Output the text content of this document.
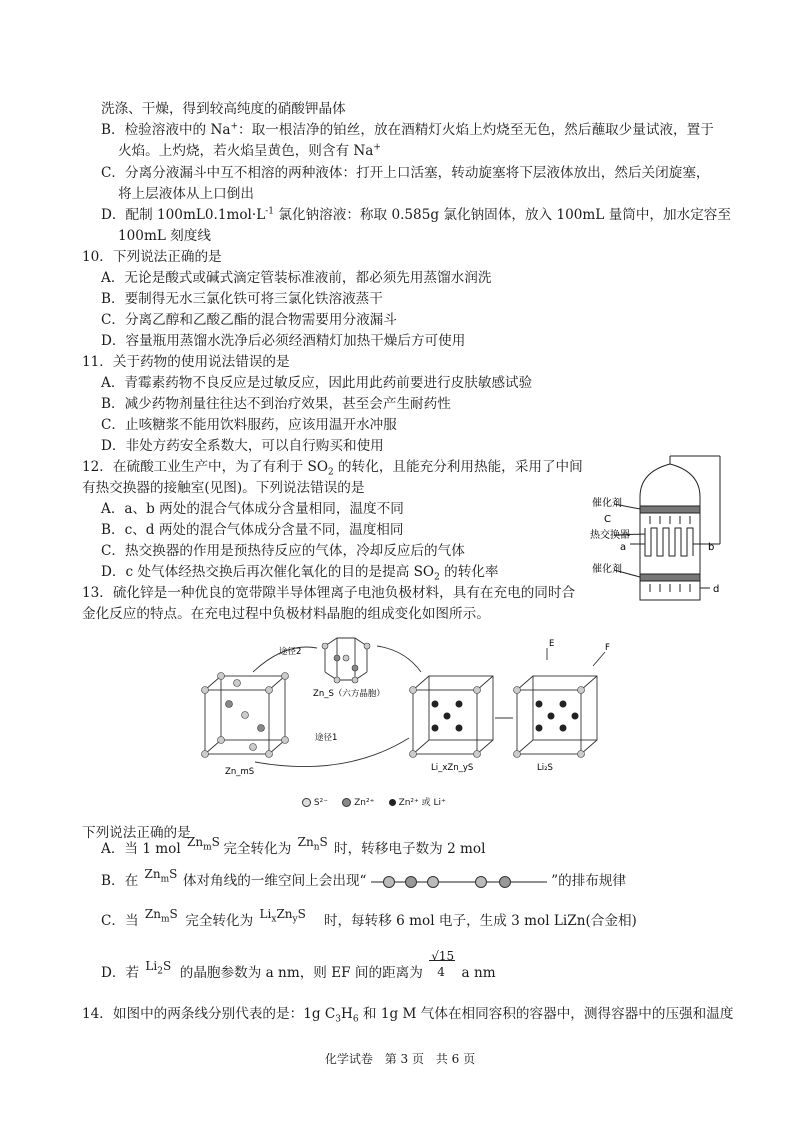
洗涤、干燥，得到较高纯度的硝酸钾晶体
B．检验溶液中的 Na+：取一根洁净的铂丝，放在酒精灯火焰上灼烧至无色，然后蘸取少量试液，置于
火焰。上灼烧，若火焰呈黄色，则含有 Na+
C．分离分液漏斗中互不相溶的两种液体：打开上口活塞，转动旋塞将下层液体放出，然后关闭旋塞，
将上层液体从上口倒出
D．配制 $100mL0.1mol\cdot L^{-1}$ 氯化钠溶液：称取 0.585g 氯化钠固体，放入 100mL 量筒中，加水定容至
100mL 刻度线
10．下列说法正确的是
A．无论是酸式或碱式滴定管装标准液前，都必须先用蒸馏水润洗
B．要制得无水三氯化铁可将三氯化铁溶液蒸干
C．分离乙醇和乙酸乙酯的混合物需要用分液漏斗
D．容量瓶用蒸馏水洗净后必须经酒精灯加热干燥后方可使用
11．关于药物的使用说法错误的是
A．青霉素药物不良反应是过敏反应，因此用此药前要进行皮肤敏感试验
B．减少药物剂量往往达不到治疗效果，甚至会产生耐药性
C．止咳糖浆不能用饮料服药，应该用温开水冲服
D．非处方药安全系数大，可以自行购买和使用
12．在硫酸工业生产中，为了有利于 $SO_2$ 的转化，且能充分利用热能，采用了中间
有热交换器的接触室(见图)。下列说法错误的是
A．a、b 两处的混合气体成分含量相同，温度不同
B．c、d 两处的混合气体成分含量不同，温度相同
C．热交换器的作用是预热待反应的气体，冷却反应后的气体
D．c 处气体经热交换后再次催化氧化的目的是提高 $SO_2$ 的转化率
催化剂
C
热交换器
a	b
催化剂
d
13．硫化锌是一种优良的宽带隙半导体锂离子电池负极材料，具有在充电的同时合
金化反应的特点。在充电过程中负极材料晶胞的组成变化如图所示。
途径2
Zn_S（六方晶胞）
途径1
Zn_mS	Li_xZn_yS	Li₂S
E	F
S²⁻	Zn²⁺	Zn²⁺ 或 Li⁺
下列说法正确的是
A．当 1 mol $Zn_mS$ 完全转化为 $Zn_nS$ 时，转移电子数为 2 mol
B．在 $Zn_mS$ 体对角线的一维空间上会出现“	”的排布规律
C．当 $Zn_mS$ 完全转化为 $Li_xZn_yS$ 时，每转移 6 mol 电子，生成 3 mol LiZn(合金相)
D．若 $Li_2S$ 的晶胞参数为 a nm，则 EF 间的距离为
√15
4 a nm
14．如图中的两条线分别代表的是：1g $C_3H_6$ 和 1g M 气体在相同容积的容器中，测得容器中的压强和温度
化学试卷 第 3 页 共 6 页
